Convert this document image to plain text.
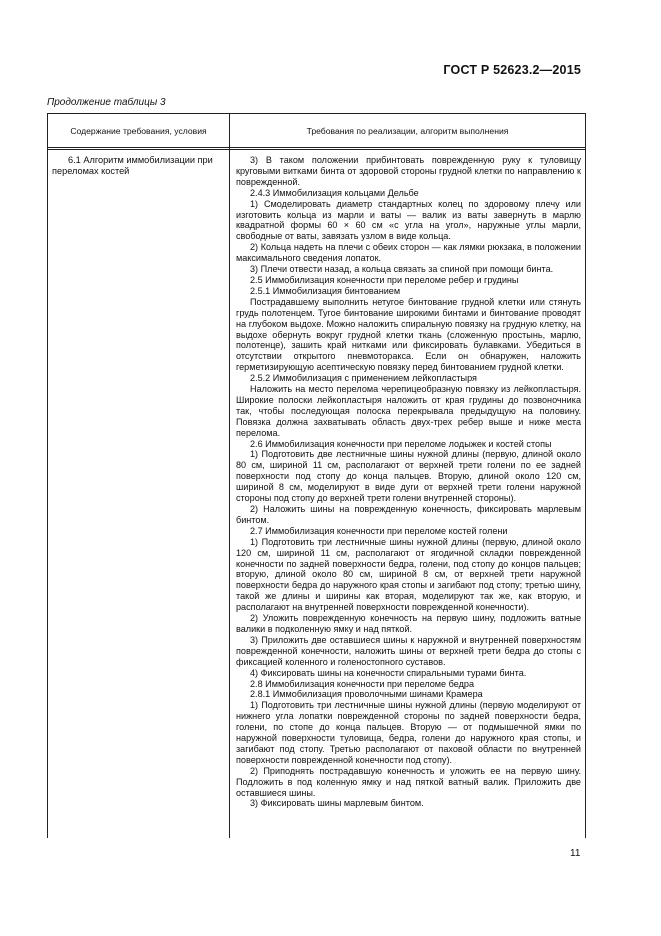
ГОСТ Р 52623.2—2015
Продолжение таблицы 3
Содержание требования, условия	Требования по реализации, алгоритм выполнения
6.1 Алгоритм иммобилизации при переломах костей

3) В таком положении прибинтовать поврежденную руку к туловищу круговыми витками бинта от здоровой стороны грудной клетки по направлению к поврежденной.

2.4.3 Иммобилизация кольцами Дельбе

1) Смоделировать диаметр стандартных колец по здоровому плечу или изготовить кольца из марли и ваты — валик из ваты завернуть в марлю квадратной формы 60 × 60 см «с угла на угол», наружные углы марли, свободные от ваты, завязать узлом в виде кольца.

2) Кольца надеть на плечи с обеих сторон — как лямки рюкзака, в положении максимального сведения лопаток.

3) Плечи отвести назад, а кольца связать за спиной при помощи бинта.

2.5 Иммобилизация конечности при переломе ребер и грудины

2.5.1 Иммобилизация бинтованием

Пострадавшему выполнить нетугое бинтование грудной клетки или стянуть грудь полотенцем. Тугое бинтование широкими бинтами и бинтование проводят на глубоком выдохе. Можно наложить спиральную повязку на грудную клетку, на выдохе обернуть вокруг грудной клетки ткань (сложенную простынь, марлю, полотенце), зашить край нитками или фиксировать булавками. Убедиться в отсутствии открытого пневмоторакса. Если он обнаружен, наложить герметизирующую асептическую повязку перед бинтованием грудной клетки.

2.5.2 Иммобилизация с применением лейкопластыря

Наложить на место перелома черепицеобразную повязку из лейкопластыря. Широкие полоски лейкопластыря наложить от края грудины до позвоночника так, чтобы последующая полоска перекрывала предыдущую на половину. Повязка должна захватывать область двух-трех ребер выше и ниже места перелома.

2.6 Иммобилизация конечности при переломе лодыжек и костей стопы

1) Подготовить две лестничные шины нужной длины (первую, длиной около 80 см, шириной 11 см, располагают от верхней трети голени по ее задней поверхности под стопу до конца пальцев. Вторую, длиной около 120 см, шириной 8 см, моделируют в виде дуги от верхней трети голени наружной стороны под стопу до верхней трети голени внутренней стороны).

2) Наложить шины на поврежденную конечность, фиксировать марлевым бинтом.

2.7 Иммобилизация конечности при переломе костей голени

1) Подготовить три лестничные шины нужной длины (первую, длиной около 120 см, шириной 11 см, располагают от ягодичной складки поврежденной конечности по задней поверхности бедра, голени, под стопу до концов пальцев; вторую, длиной около 80 см, шириной 8 см, от верхней трети наружной поверхности бедра до наружного края стопы и загибают под стопу; третью шину, такой же длины и ширины как вторая, моделируют так же, как вторую, и располагают на внутренней поверхности поврежденной конечности).

2) Уложить поврежденную конечность на первую шину, подложить ватные валики в подколенную ямку и над пяткой.

3) Приложить две оставшиеся шины к наружной и внутренней поверхностям поврежденной конечности, наложить шины от верхней трети бедра до стопы с фиксацией коленного и голеностопного суставов.

4) Фиксировать шины на конечности спиральными турами бинта.

2.8 Иммобилизация конечности при переломе бедра

2.8.1 Иммобилизация проволочными шинами Крамера

1) Подготовить три лестничные шины нужной длины (первую моделируют от нижнего угла лопатки поврежденной стороны по задней поверхности бедра, голени, по стопе до конца пальцев. Вторую — от подмышечной ямки по наружной поверхности туловища, бедра, голени до наружного края стопы, и загибают под стопу. Третью располагают от паховой области по внутренней поверхности поврежденной конечности под стопу).

2) Приподнять пострадавшую конечность и уложить ее на первую шину. Подложить в под коленную ямку и над пяткой ватный валик. Приложить две оставшиеся шины.

3) Фиксировать шины марлевым бинтом.

11
